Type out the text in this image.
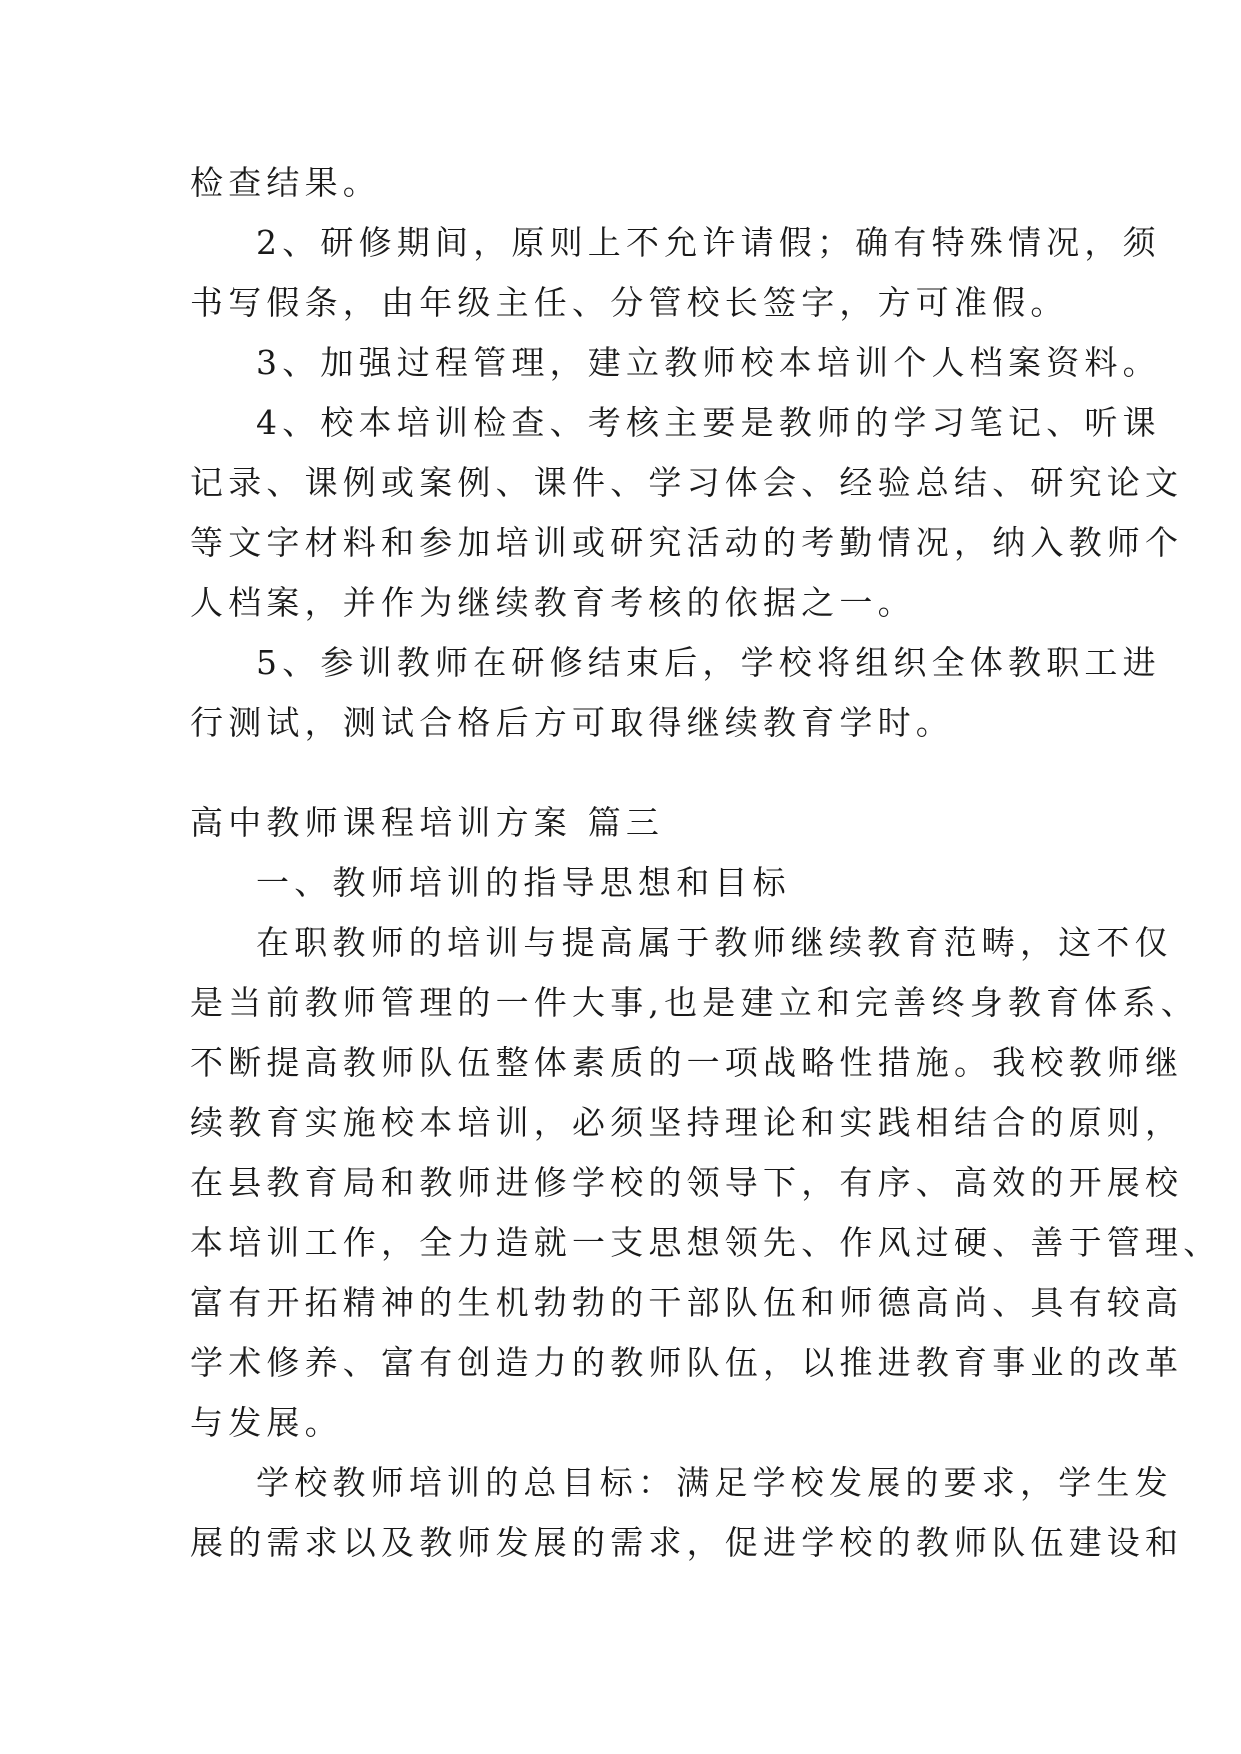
检查结果。
2、研修期间，原则上不允许请假；确有特殊情况，须
书写假条，由年级主任、分管校长签字，方可准假。
3、加强过程管理，建立教师校本培训个人档案资料。
4、校本培训检查、考核主要是教师的学习笔记、听课
记录、课例或案例、课件、学习体会、经验总结、研究论文
等文字材料和参加培训或研究活动的考勤情况，纳入教师个
人档案，并作为继续教育考核的依据之一。
5、参训教师在研修结束后，学校将组织全体教职工进
行测试，测试合格后方可取得继续教育学时。
高中教师课程培训方案 篇三
一、教师培训的指导思想和目标
在职教师的培训与提高属于教师继续教育范畴，这不仅
是当前教师管理的一件大事,也是建立和完善终身教育体系、
不断提高教师队伍整体素质的一项战略性措施。我校教师继
续教育实施校本培训，必须坚持理论和实践相结合的原则，
在县教育局和教师进修学校的领导下，有序、高效的开展校
本培训工作，全力造就一支思想领先、作风过硬、善于管理、
富有开拓精神的生机勃勃的干部队伍和师德高尚、具有较高
学术修养、富有创造力的教师队伍，以推进教育事业的改革
与发展。
学校教师培训的总目标：满足学校发展的要求，学生发
展的需求以及教师发展的需求，促进学校的教师队伍建设和
